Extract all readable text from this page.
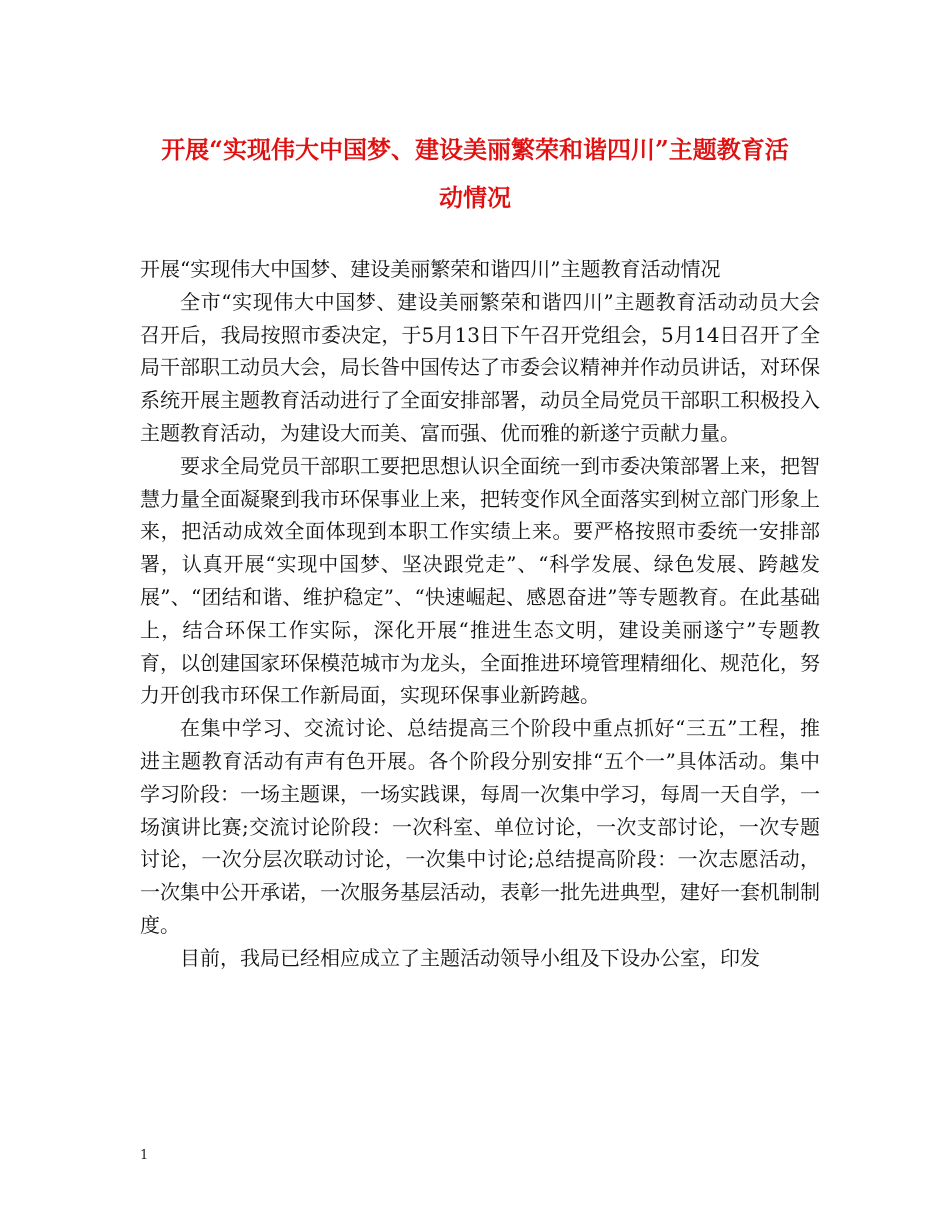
开展“实现伟大中国梦、建设美丽繁荣和谐四川”主题教育活
动情况

开展“实现伟大中国梦、建设美丽繁荣和谐四川”主题教育活动情况

全市“实现伟大中国梦、建设美丽繁荣和谐四川”主题教育活动动员大会召开后，我局按照市委决定，于5月13日下午召开党组会，5月14日召开了全局干部职工动员大会，局长昝中国传达了市委会议精神并作动员讲话，对环保系统开展主题教育活动进行了全面安排部署，动员全局党员干部职工积极投入主题教育活动，为建设大而美、富而强、优而雅的新遂宁贡献力量。

要求全局党员干部职工要把思想认识全面统一到市委决策部署上来，把智慧力量全面凝聚到我市环保事业上来，把转变作风全面落实到树立部门形象上来，把活动成效全面体现到本职工作实绩上来。要严格按照市委统一安排部署，认真开展“实现中国梦、坚决跟党走”、“科学发展、绿色发展、跨越发展”、“团结和谐、维护稳定”、“快速崛起、感恩奋进”等专题教育。在此基础上，结合环保工作实际，深化开展“推进生态文明，建设美丽遂宁”专题教育，以创建国家环保模范城市为龙头，全面推进环境管理精细化、规范化，努力开创我市环保工作新局面，实现环保事业新跨越。

在集中学习、交流讨论、总结提高三个阶段中重点抓好“三五”工程，推进主题教育活动有声有色开展。各个阶段分别安排“五个一”具体活动。集中学习阶段：一场主题课，一场实践课，每周一次集中学习，每周一天自学，一场演讲比赛;交流讨论阶段：一次科室、单位讨论，一次支部讨论，一次专题讨论，一次分层次联动讨论，一次集中讨论;总结提高阶段：一次志愿活动，一次集中公开承诺，一次服务基层活动，表彰一批先进典型，建好一套机制制度。

目前，我局已经相应成立了主题活动领导小组及下设办公室，印发

1
